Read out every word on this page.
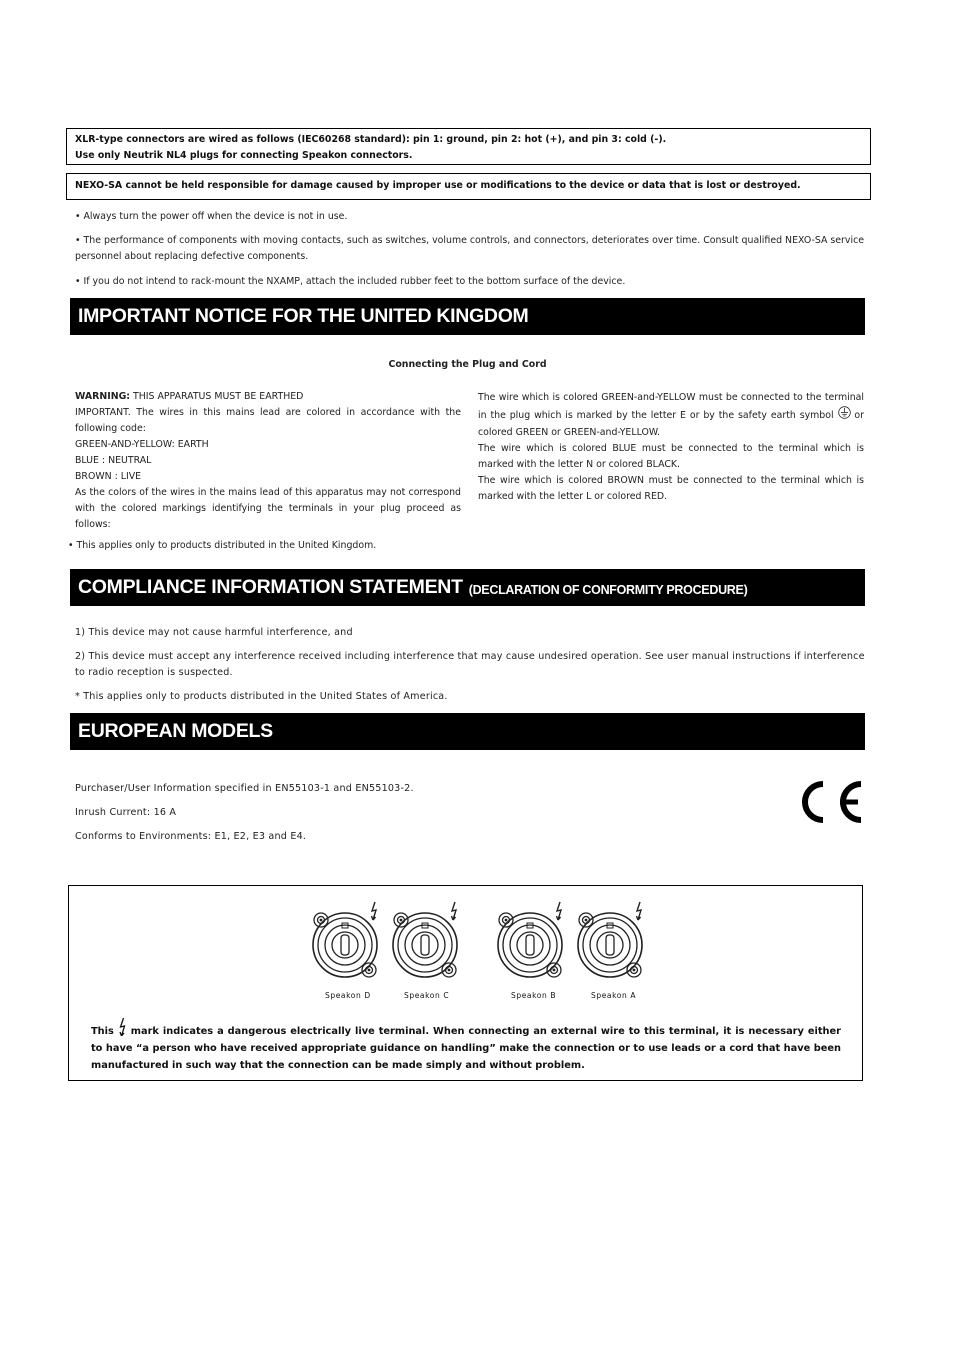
XLR-type connectors are wired as follows (IEC60268 standard): pin 1: ground, pin 2: hot (+), and pin 3: cold (-).
Use only Neutrik NL4 plugs for connecting Speakon connectors.
NEXO-SA cannot be held responsible for damage caused by improper use or modifications to the device or data that is lost or destroyed.
• Always turn the power off when the device is not in use.
• The performance of components with moving contacts, such as switches, volume controls, and connectors, deteriorates over time. Consult qualified NEXO-SA service personnel about replacing defective components.
• If you do not intend to rack-mount the NXAMP, attach the included rubber feet to the bottom surface of the device.
IMPORTANT NOTICE FOR THE UNITED KINGDOM
Connecting the Plug and Cord
WARNING: THIS APPARATUS MUST BE EARTHED
IMPORTANT. The wires in this mains lead are colored in accordance with the following code:
GREEN-AND-YELLOW: EARTH
BLUE : NEUTRAL
BROWN : LIVE
As the colors of the wires in the mains lead of this apparatus may not correspond with the colored markings identifying the terminals in your plug proceed as follows:
The wire which is colored GREEN-and-YELLOW must be connected to the terminal in the plug which is marked by the letter E or by the safety earth symbol  or colored GREEN or GREEN-and-YELLOW.
The wire which is colored BLUE must be connected to the terminal which is marked with the letter N or colored BLACK.
The wire which is colored BROWN must be connected to the terminal which is marked with the letter L or colored RED.
• This applies only to products distributed in the United Kingdom.
COMPLIANCE INFORMATION STATEMENT (DECLARATION OF CONFORMITY PROCEDURE)
1) This device may not cause harmful interference, and
2) This device must accept any interference received including interference that may cause undesired operation. See user manual instructions if interference to radio reception is suspected.
* This applies only to products distributed in the United States of America.
EUROPEAN MODELS
Purchaser/User Information specified in EN55103-1 and EN55103-2.
Inrush Current: 16 A
Conforms to Environments: E1, E2, E3 and E4.
Speakon D	Speakon C	Speakon B	Speakon A
This  mark indicates a dangerous electrically live terminal. When connecting an external wire to this terminal, it is necessary either to have “a person who have received appropriate guidance on handling” make the connection or to use leads or a cord that have been manufactured in such way that the connection can be made simply and without problem.
